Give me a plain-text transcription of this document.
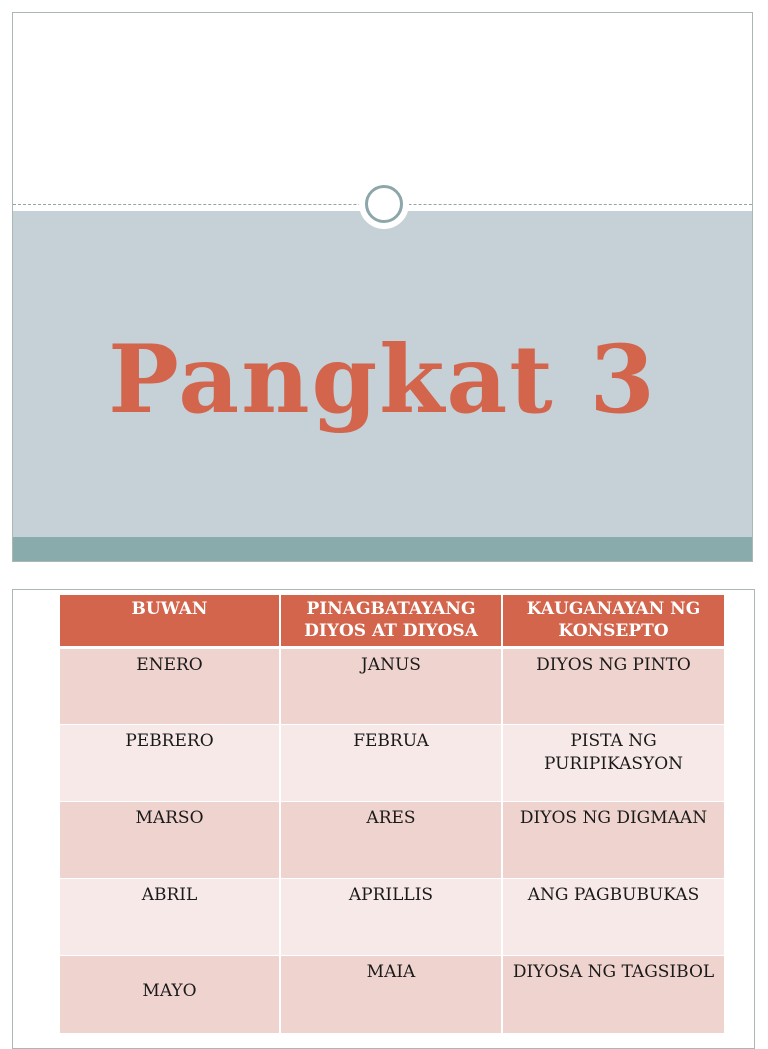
Pangkat 3
BUWAN	PINAGBATAYANG DIYOS AT DIYOSA	KAUGANAYAN NG KONSEPTO
ENERO	JANUS	DIYOS NG PINTO
PEBRERO	FEBRUA	PISTA NG PURIPIKASYON
MARSO	ARES	DIYOS NG DIGMAAN
ABRIL	APRILLIS	ANG PAGBUBUKAS
MAYO	MAIA	DIYOSA NG TAGSIBOL
